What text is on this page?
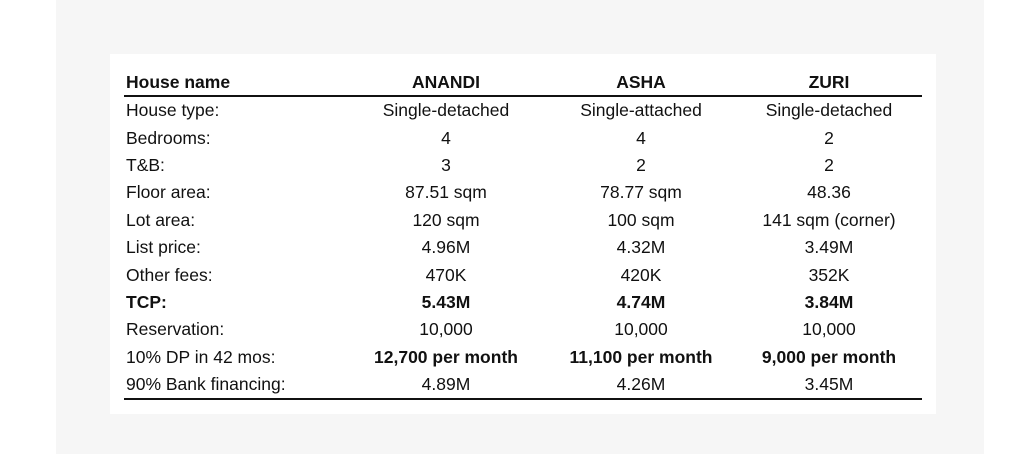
House name	ANANDI	ASHA	ZURI
House type:	Single-detached	Single-attached	Single-detached
Bedrooms:	4	4	2
T&B:	3	2	2
Floor area:	87.51 sqm	78.77 sqm	48.36
Lot area:	120 sqm	100 sqm	141 sqm (corner)
List price:	4.96M	4.32M	3.49M
Other fees:	470K	420K	352K
TCP:	5.43M	4.74M	3.84M
Reservation:	10,000	10,000	10,000
10% DP in 42 mos:	12,700 per month	11,100 per month	9,000 per month
90% Bank financing:	4.89M	4.26M	3.45M
